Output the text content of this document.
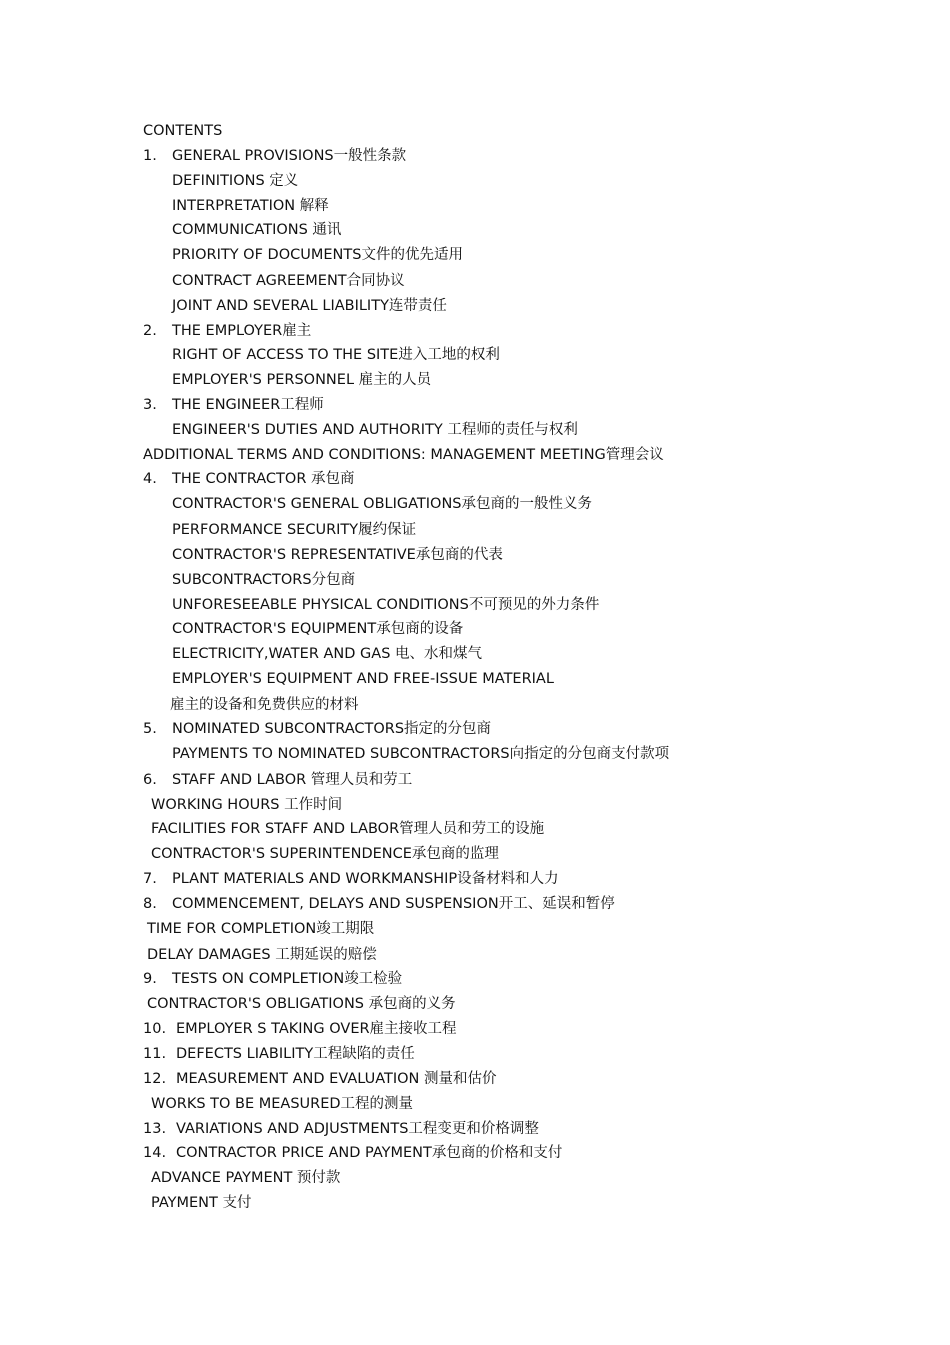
CONTENTS
1. GENERAL PROVISIONS一般性条款
DEFINITIONS 定义
INTERPRETATION 解释
COMMUNICATIONS 通讯
PRIORITY OF DOCUMENTS文件的优先适用
CONTRACT AGREEMENT合同协议
JOINT AND SEVERAL LIABILITY连带责任
2. THE EMPLOYER雇主
RIGHT OF ACCESS TO THE SITE进入工地的权利
EMPLOYER'S PERSONNEL 雇主的人员
3. THE ENGINEER工程师
ENGINEER'S DUTIES AND AUTHORITY 工程师的责任与权利
ADDITIONAL TERMS AND CONDITIONS: MANAGEMENT MEETING管理会议
4. THE CONTRACTOR 承包商
CONTRACTOR'S GENERAL OBLIGATIONS承包商的一般性义务
PERFORMANCE SECURITY履约保证
CONTRACTOR'S REPRESENTATIVE承包商的代表
SUBCONTRACTORS分包商
UNFORESEEABLE PHYSICAL CONDITIONS不可预见的外力条件
CONTRACTOR'S EQUIPMENT承包商的设备
ELECTRICITY,WATER AND GAS 电、水和煤气
EMPLOYER'S EQUIPMENT AND FREE-ISSUE MATERIAL
雇主的设备和免费供应的材料
5. NOMINATED SUBCONTRACTORS指定的分包商
PAYMENTS TO NOMINATED SUBCONTRACTORS向指定的分包商支付款项
6. STAFF AND LABOR 管理人员和劳工
WORKING HOURS 工作时间
FACILITIES FOR STAFF AND LABOR管理人员和劳工的设施
CONTRACTOR'S SUPERINTENDENCE承包商的监理
7. PLANT MATERIALS AND WORKMANSHIP设备材料和人力
8. COMMENCEMENT, DELAYS AND SUSPENSION开工、延误和暂停
TIME FOR COMPLETION竣工期限
DELAY DAMAGES 工期延误的赔偿
9. TESTS ON COMPLETION竣工检验
CONTRACTOR'S OBLIGATIONS 承包商的义务
10. EMPLOYER S TAKING OVER雇主接收工程
11. DEFECTS LIABILITY工程缺陷的责任
12. MEASUREMENT AND EVALUATION 测量和估价
WORKS TO BE MEASURED工程的测量
13. VARIATIONS AND ADJUSTMENTS工程变更和价格调整
14. CONTRACTOR PRICE AND PAYMENT承包商的价格和支付
ADVANCE PAYMENT 预付款
PAYMENT 支付
